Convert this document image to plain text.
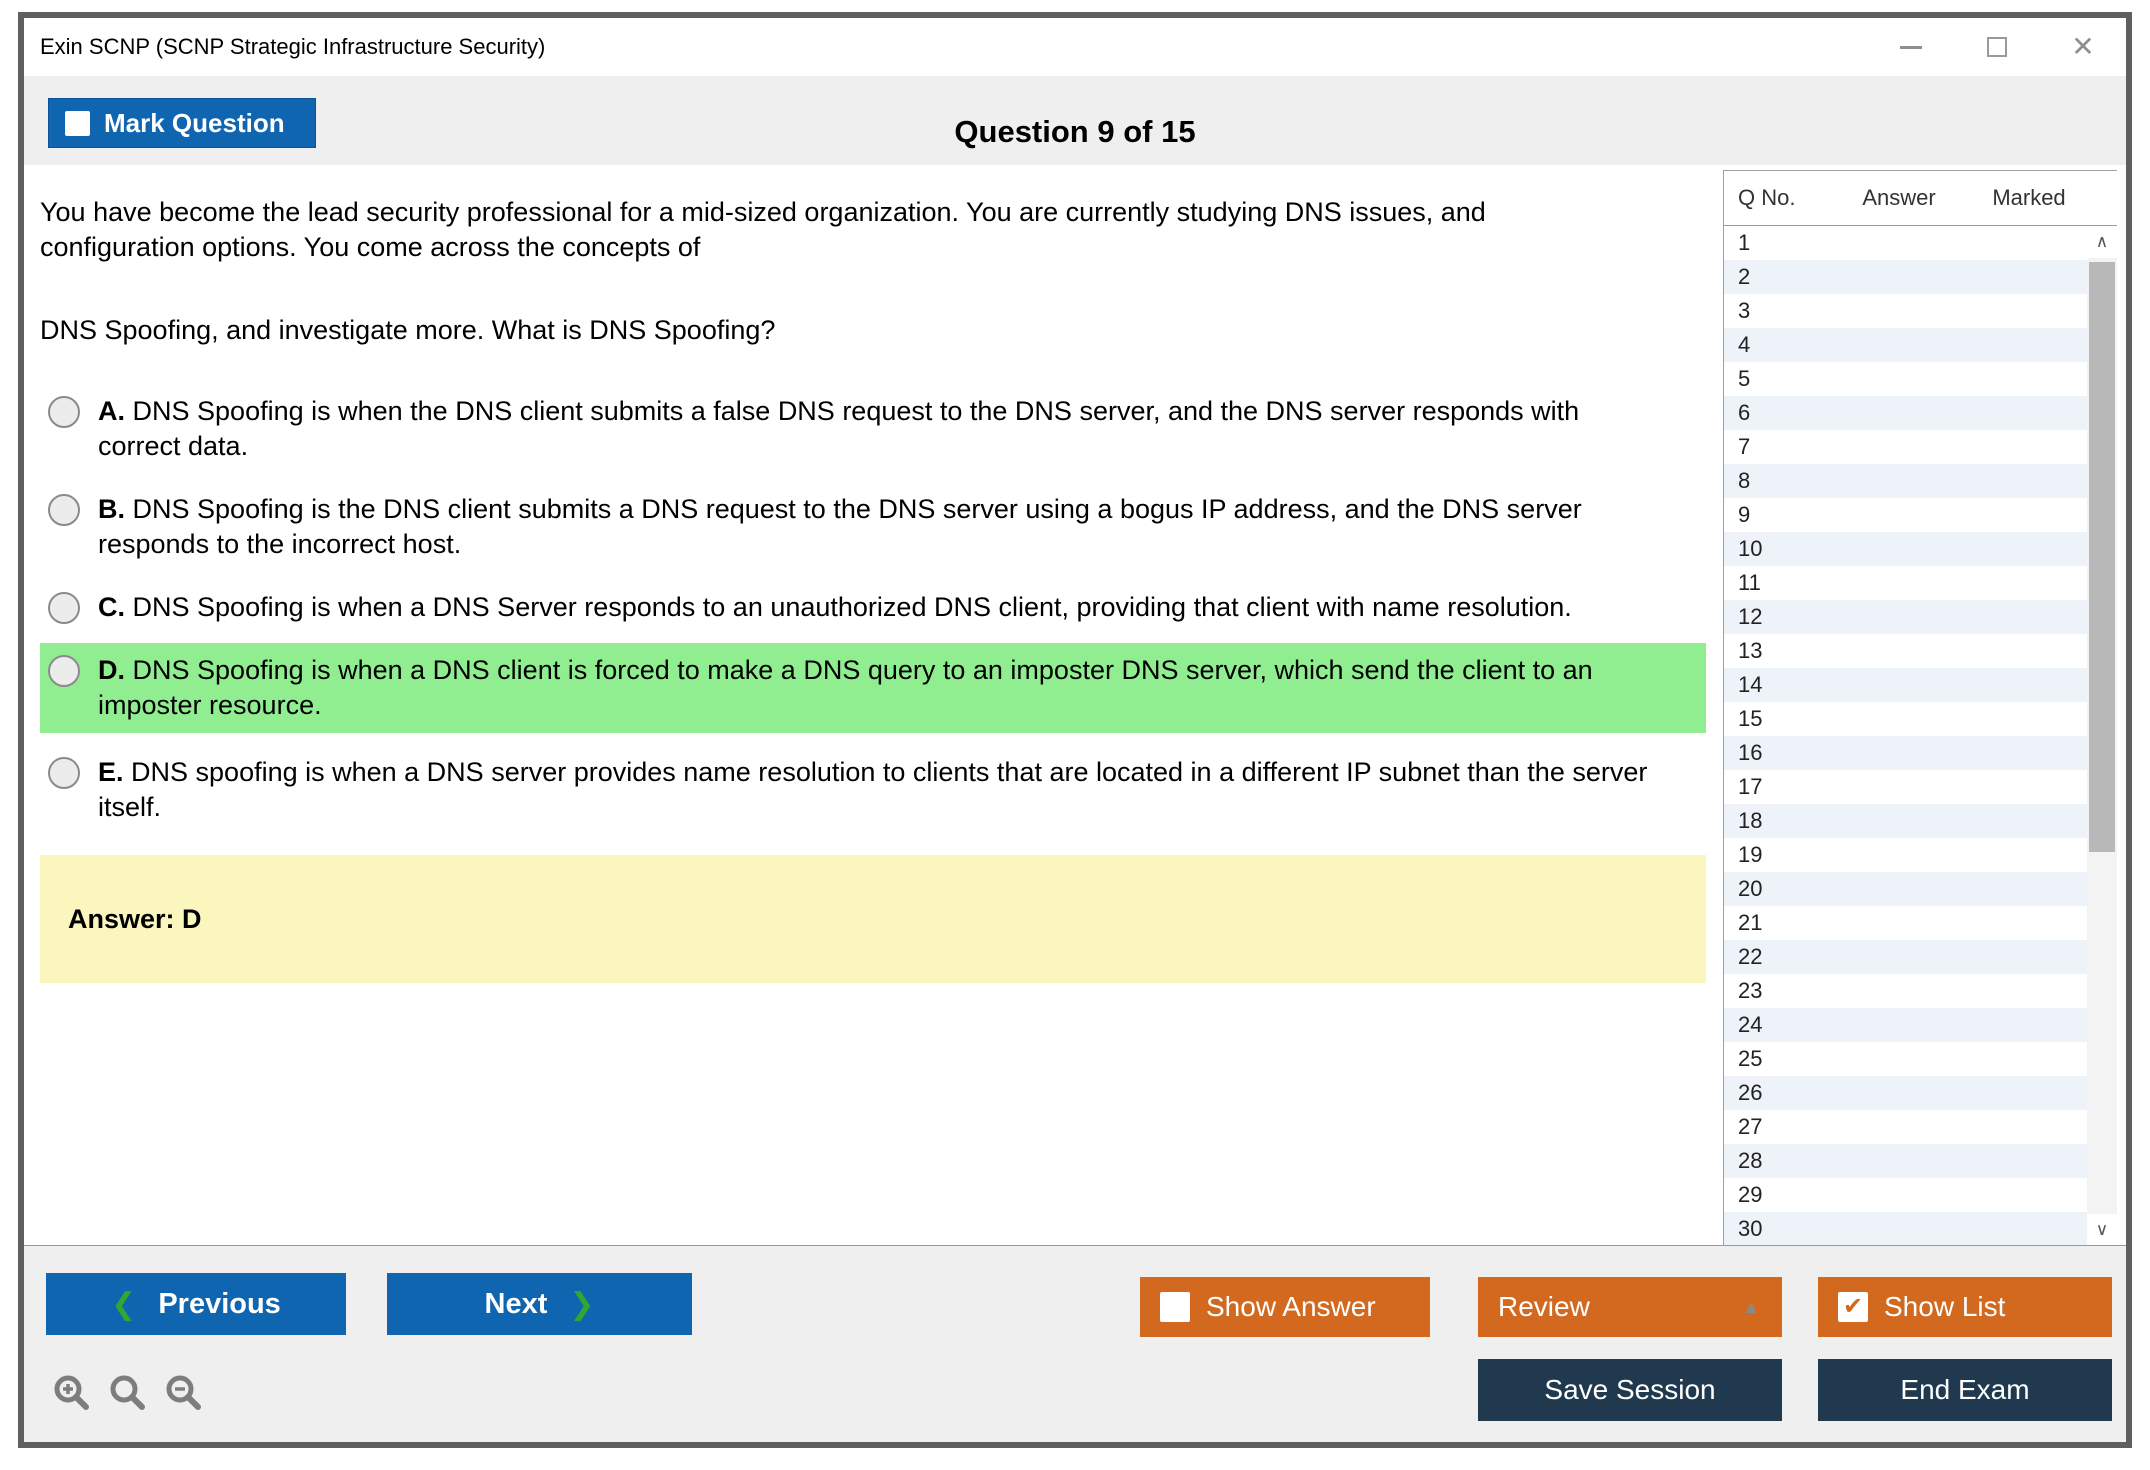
Exin SCNP (SCNP Strategic Infrastructure Security)	✕
Mark Question	Question 9 of 15
You have become the lead security professional for a mid-sized organization. You are currently studying DNS issues, and
configuration options. You come across the concepts of
DNS Spoofing, and investigate more. What is DNS Spoofing?
A. DNS Spoofing is when the DNS client submits a false DNS request to the DNS server, and the DNS server responds with correct data.
B. DNS Spoofing is the DNS client submits a DNS request to the DNS server using a bogus IP address, and the DNS server responds to the incorrect host.
C. DNS Spoofing is when a DNS Server responds to an unauthorized DNS client, providing that client with name resolution.
D. DNS Spoofing is when a DNS client is forced to make a DNS query to an imposter DNS server, which send the client to an imposter resource.
E. DNS spoofing is when a DNS server provides name resolution to clients that are located in a different IP subnet than the server itself.
Answer: D
Q No.	Answer	Marked
1
2
3
4
5
6
7
8
9
10
11
12
13
14
15
16
17
18
19
20
21
22
23
24
25
26
27
28
29
30
∧
∨
❮ Previous	Next ❯	Show Answer	Review	▲	✔ Show List
Save Session	End Exam
